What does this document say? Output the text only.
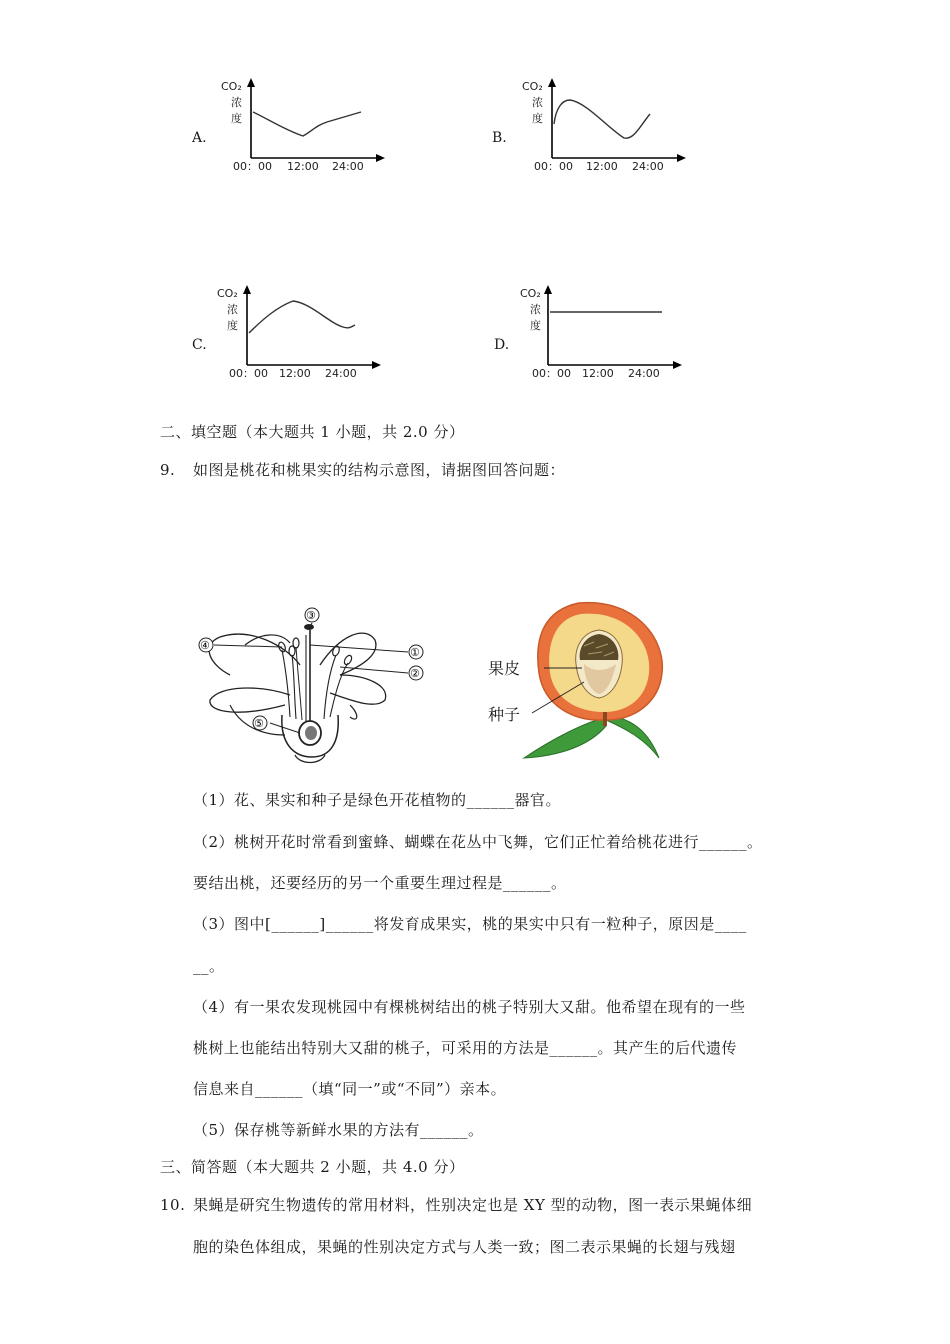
A.
CO₂
浓
度
00：00 12:00 24:00
B.
CO₂
浓
度
00：00 12:00 24:00
C.
CO₂
浓
度
00：00 12:00 24:00
D.
CO₂
浓
度
00：00 12:00 24:00
二、填空题（本大题共 1 小题，共 2.0 分）
9. 如图是桃花和桃果实的结构示意图，请据图回答问题：
④
③
①
②
⑤
果皮
种子
（1）花、果实和种子是绿色开花植物的______器官。
（2）桃树开花时常看到蜜蜂、蝴蝶在花丛中飞舞，它们正忙着给桃花进行______。
要结出桃，还要经历的另一个重要生理过程是______。
（3）图中[______]______将发育成果实，桃的果实中只有一粒种子，原因是____
__。
（4）有一果农发现桃园中有棵桃树结出的桃子特别大又甜。他希望在现有的一些
桃树上也能结出特别大又甜的桃子，可采用的方法是______。其产生的后代遗传
信息来自______（填“同一”或“不同”）亲本。
（5）保存桃等新鲜水果的方法有______。
三、简答题（本大题共 2 小题，共 4.0 分）
10. 果蝇是研究生物遗传的常用材料，性别决定也是 XY 型的动物，图一表示果蝇体细
胞的染色体组成，果蝇的性别决定方式与人类一致；图二表示果蝇的长翅与残翅
